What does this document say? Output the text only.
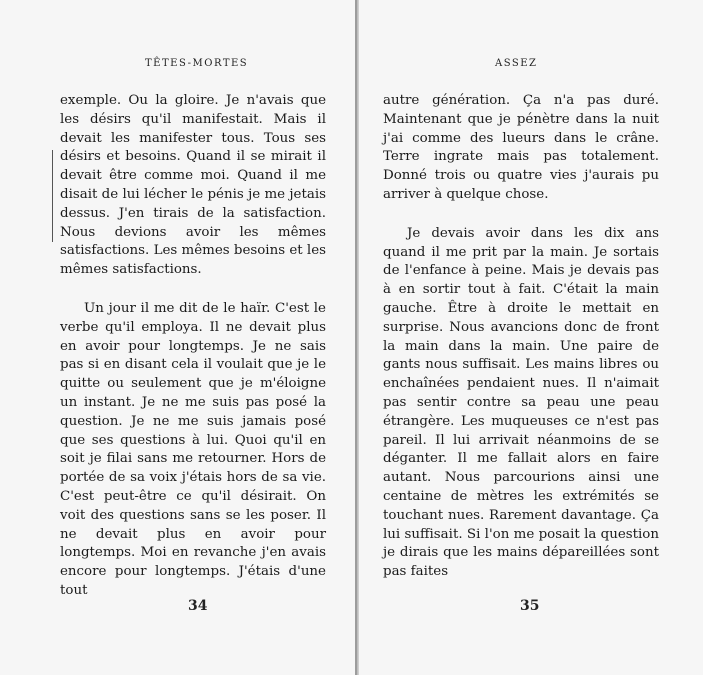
TÊTES-MORTES

exemple. Ou la gloire. Je n'avais que les désirs qu'il manifestait. Mais il devait les manifester tous. Tous ses désirs et besoins. Quand il se mirait il devait être comme moi. Quand il me disait de lui lécher le pénis je me jetais dessus. J'en tirais de la satisfaction. Nous devions avoir les mêmes satisfactions. Les mêmes besoins et les mêmes satisfactions.

Un jour il me dit de le haïr. C'est le verbe qu'il employa. Il ne devait plus en avoir pour longtemps. Je ne sais pas si en disant cela il voulait que je le quitte ou seulement que je m'éloigne un instant. Je ne me suis pas posé la question. Je ne me suis jamais posé que ses questions à lui. Quoi qu'il en soit je filai sans me retourner. Hors de portée de sa voix j'étais hors de sa vie. C'est peut-être ce qu'il désirait. On voit des questions sans se les poser. Il ne devait plus en avoir pour longtemps. Moi en revanche j'en avais encore pour longtemps. J'étais d'une tout

34
ASSEZ

autre génération. Ça n'a pas duré. Maintenant que je pénètre dans la nuit j'ai comme des lueurs dans le crâne. Terre ingrate mais pas totalement. Donné trois ou quatre vies j'aurais pu arriver à quelque chose.

Je devais avoir dans les dix ans quand il me prit par la main. Je sortais de l'enfance à peine. Mais je devais pas à en sortir tout à fait. C'était la main gauche. Être à droite le mettait en surprise. Nous avancions donc de front la main dans la main. Une paire de gants nous suffisait. Les mains libres ou enchaînées pendaient nues. Il n'aimait pas sentir contre sa peau une peau étrangère. Les muqueuses ce n'est pas pareil. Il lui arrivait néanmoins de se déganter. Il me fallait alors en faire autant. Nous parcourions ainsi une centaine de mètres les extrémités se touchant nues. Rarement davantage. Ça lui suffisait. Si l'on me posait la question je dirais que les mains dépareillées sont pas faites

35
